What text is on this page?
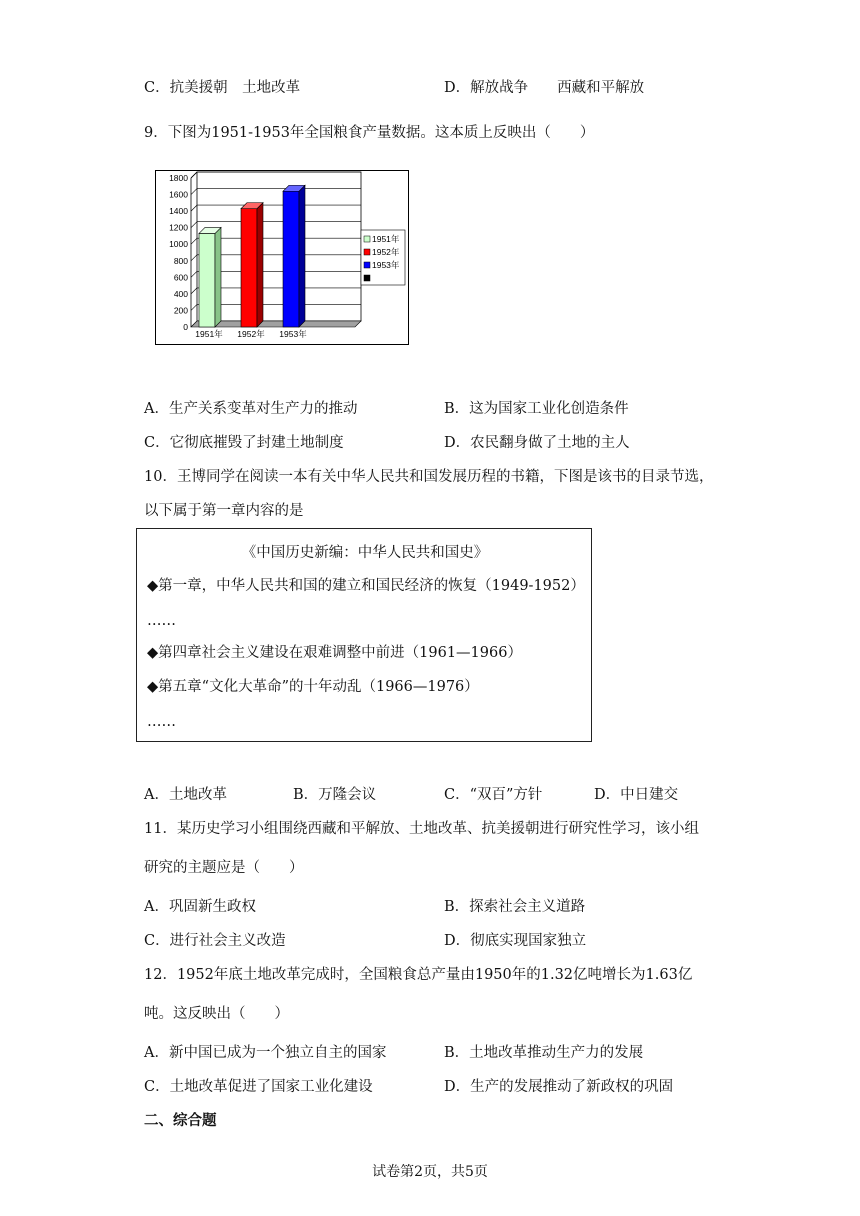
C．抗美援朝　土地改革	D．解放战争　　西藏和平解放
9．下图为1951-1953年全国粮食产量数据。这本质上反映出（　　）
0
200
400
600
800
1000
1200
1400
1600
1800
1951年 1952年 1953年
1951年
1952年
1953年
A．生产关系变革对生产力的推动	B．这为国家工业化创造条件
C．它彻底摧毁了封建土地制度	D．农民翻身做了土地的主人
10．王博同学在阅读一本有关中华人民共和国发展历程的书籍，下图是该书的目录节选，
以下属于第一章内容的是
《中国历史新编：中华人民共和国史》
◆第一章，中华人民共和国的建立和国民经济的恢复（1949-1952）
……
◆第四章社会主义建设在艰难调整中前进（1961—1966）
◆第五章“文化大革命”的十年动乱（1966—1976）
……
A．土地改革	B．万隆会议	C．“双百”方针	D．中日建交
11．某历史学习小组围绕西藏和平解放、土地改革、抗美援朝进行研究性学习，该小组
研究的主题应是（　　）
A．巩固新生政权	B．探索社会主义道路
C．进行社会主义改造	D．彻底实现国家独立
12．1952年底土地改革完成时，全国粮食总产量由1950年的1.32亿吨增长为1.63亿
吨。这反映出（　　）
A．新中国已成为一个独立自主的国家	B．土地改革推动生产力的发展
C．土地改革促进了国家工业化建设	D．生产的发展推动了新政权的巩固
二、综合题
试卷第2页，共5页
